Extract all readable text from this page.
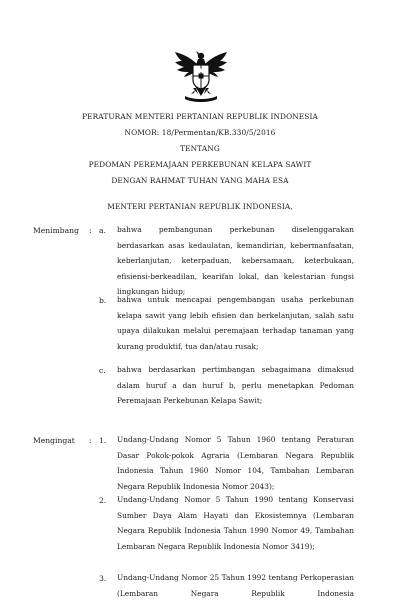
PERATURAN MENTERI PERTANIAN REPUBLIK INDONESIA
NOMOR: 18/Permentan/KB.330/5/2016
TENTANG
PEDOMAN PEREMAJAAN PERKEBUNAN KELAPA SAWIT
DENGAN RAHMAT TUHAN YANG MAHA ESA
MENTERI PERTANIAN REPUBLIK INDONESIA,
Menimbang : a. bahwa pembangunan perkebunan diselenggarakan berdasarkan asas kedaulatan, kemandirian, kebermanfaatan, keberlanjutan, keterpaduan, kebersamaan, keterbukaan, efisiensi-berkeadilan, kearifan lokal, dan kelestarian fungsi lingkungan hidup;
b. bahwa untuk mencapai pengembangan usaha perkebunan kelapa sawit yang lebih efisien dan berkelanjutan, salah satu upaya dilakukan melalui peremajaan terhadap tanaman yang kurang produktif, tua dan/atau rusak;
c. bahwa berdasarkan pertimbangan sebagaimana dimaksud dalam huruf a dan huruf b, perlu menetapkan Pedoman Peremajaan Perkebunan Kelapa Sawit;
Mengingat : 1. Undang-Undang Nomor 5 Tahun 1960 tentang Peraturan Dasar Pokok-pokok Agraria (Lembaran Negara Republik Indonesia Tahun 1960 Nomor 104, Tambahan Lembaran Negara Republik Indonesia Nomor 2043);
2. Undang-Undang Nomor 5 Tahun 1990 tentang Konservasi Sumber Daya Alam Hayati dan Ekosistemnya (Lembaran Negara Republik Indonesia Tahun 1990 Nomor 49, Tambahan Lembaran Negara Republik Indonesia Nomor 3419);
3. Undang-Undang Nomor 25 Tahun 1992 tentang Perkoperasian (Lembaran Negara Republik Indonesia
